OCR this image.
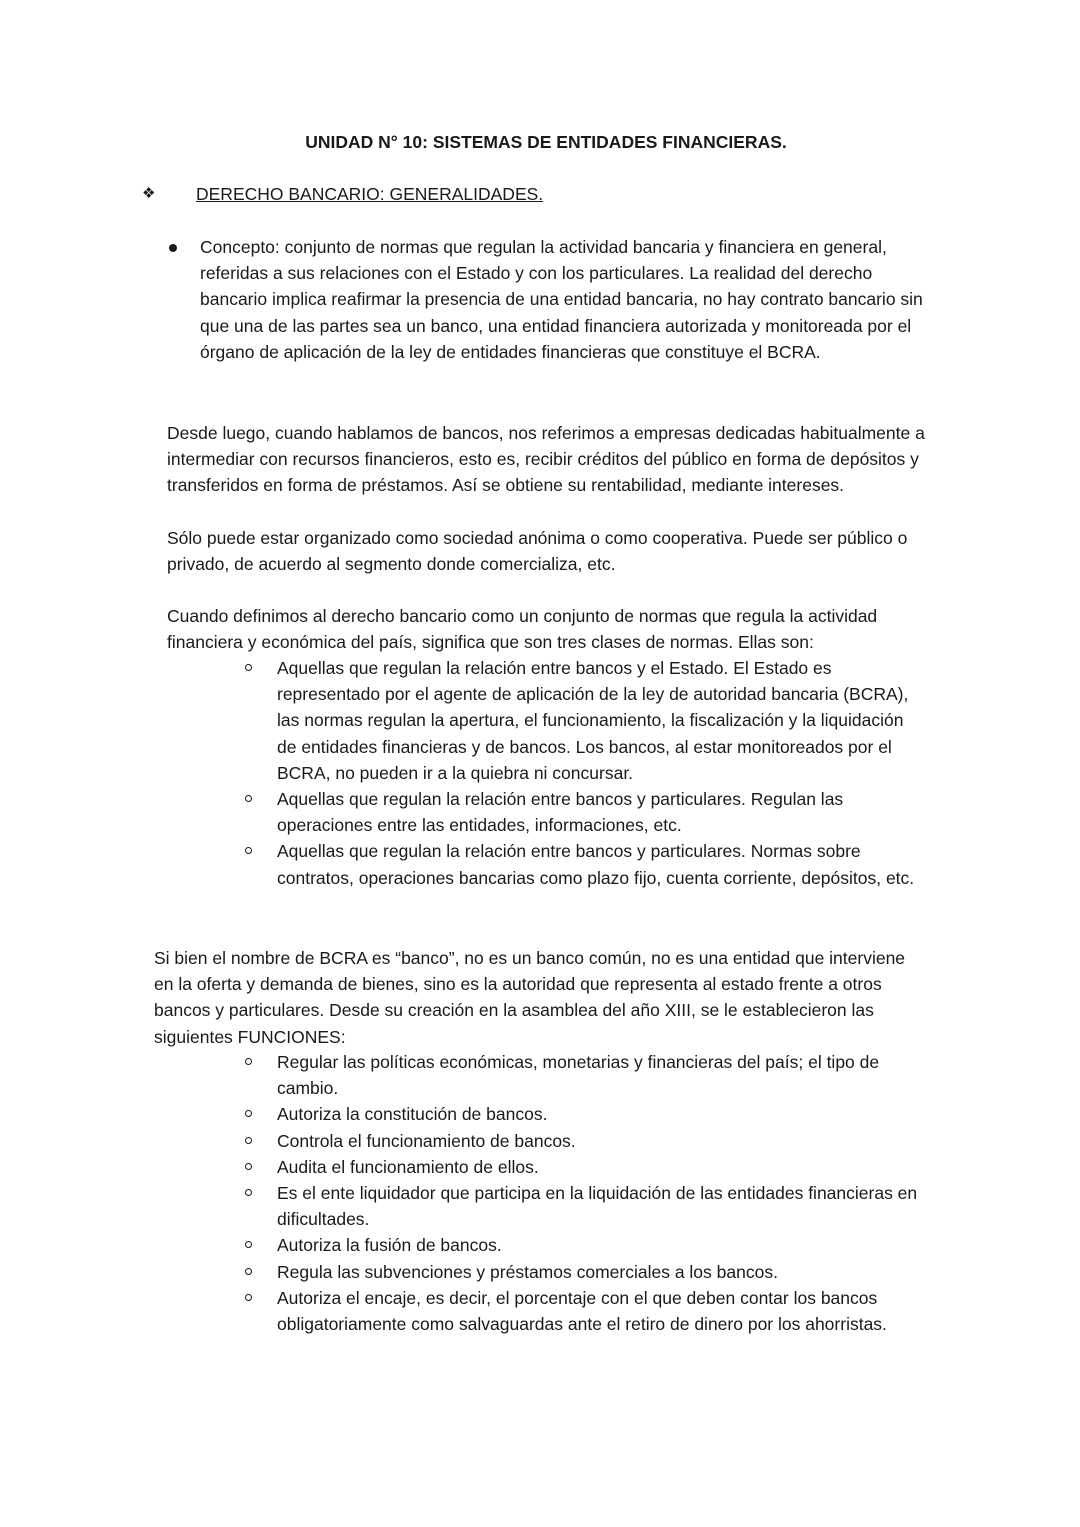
UNIDAD N° 10: SISTEMAS DE ENTIDADES FINANCIERAS.

❖ DERECHO BANCARIO: GENERALIDADES.

Concepto: conjunto de normas que regulan la actividad bancaria y financiera en general, referidas a sus relaciones con el Estado y con los particulares. La realidad del derecho bancario implica reafirmar la presencia de una entidad bancaria, no hay contrato bancario sin que una de las partes sea un banco, una entidad financiera autorizada y monitoreada por el órgano de aplicación de la ley de entidades financieras que constituye el BCRA.

Desde luego, cuando hablamos de bancos, nos referimos a empresas dedicadas habitualmente a intermediar con recursos financieros, esto es, recibir créditos del público en forma de depósitos y transferidos en forma de préstamos. Así se obtiene su rentabilidad, mediante intereses.

Sólo puede estar organizado como sociedad anónima o como cooperativa. Puede ser público o privado, de acuerdo al segmento donde comercializa, etc.

Cuando definimos al derecho bancario como un conjunto de normas que regula la actividad financiera y económica del país, significa que son tres clases de normas. Ellas son:

Aquellas que regulan la relación entre bancos y el Estado. El Estado es representado por el agente de aplicación de la ley de autoridad bancaria (BCRA), las normas regulan la apertura, el funcionamiento, la fiscalización y la liquidación de entidades financieras y de bancos. Los bancos, al estar monitoreados por el BCRA, no pueden ir a la quiebra ni concursar.
Aquellas que regulan la relación entre bancos y particulares. Regulan las operaciones entre las entidades, informaciones, etc.
Aquellas que regulan la relación entre bancos y particulares. Normas sobre contratos, operaciones bancarias como plazo fijo, cuenta corriente, depósitos, etc.

Si bien el nombre de BCRA es “banco”, no es un banco común, no es una entidad que interviene en la oferta y demanda de bienes, sino es la autoridad que representa al estado frente a otros bancos y particulares. Desde su creación en la asamblea del año XIII, se le establecieron las siguientes FUNCIONES:

Regular las políticas económicas, monetarias y financieras del país; el tipo de cambio.
Autoriza la constitución de bancos.
Controla el funcionamiento de bancos.
Audita el funcionamiento de ellos.
Es el ente liquidador que participa en la liquidación de las entidades financieras en dificultades.
Autoriza la fusión de bancos.
Regula las subvenciones y préstamos comerciales a los bancos.
Autoriza el encaje, es decir, el porcentaje con el que deben contar los bancos obligatoriamente como salvaguardas ante el retiro de dinero por los ahorristas.
